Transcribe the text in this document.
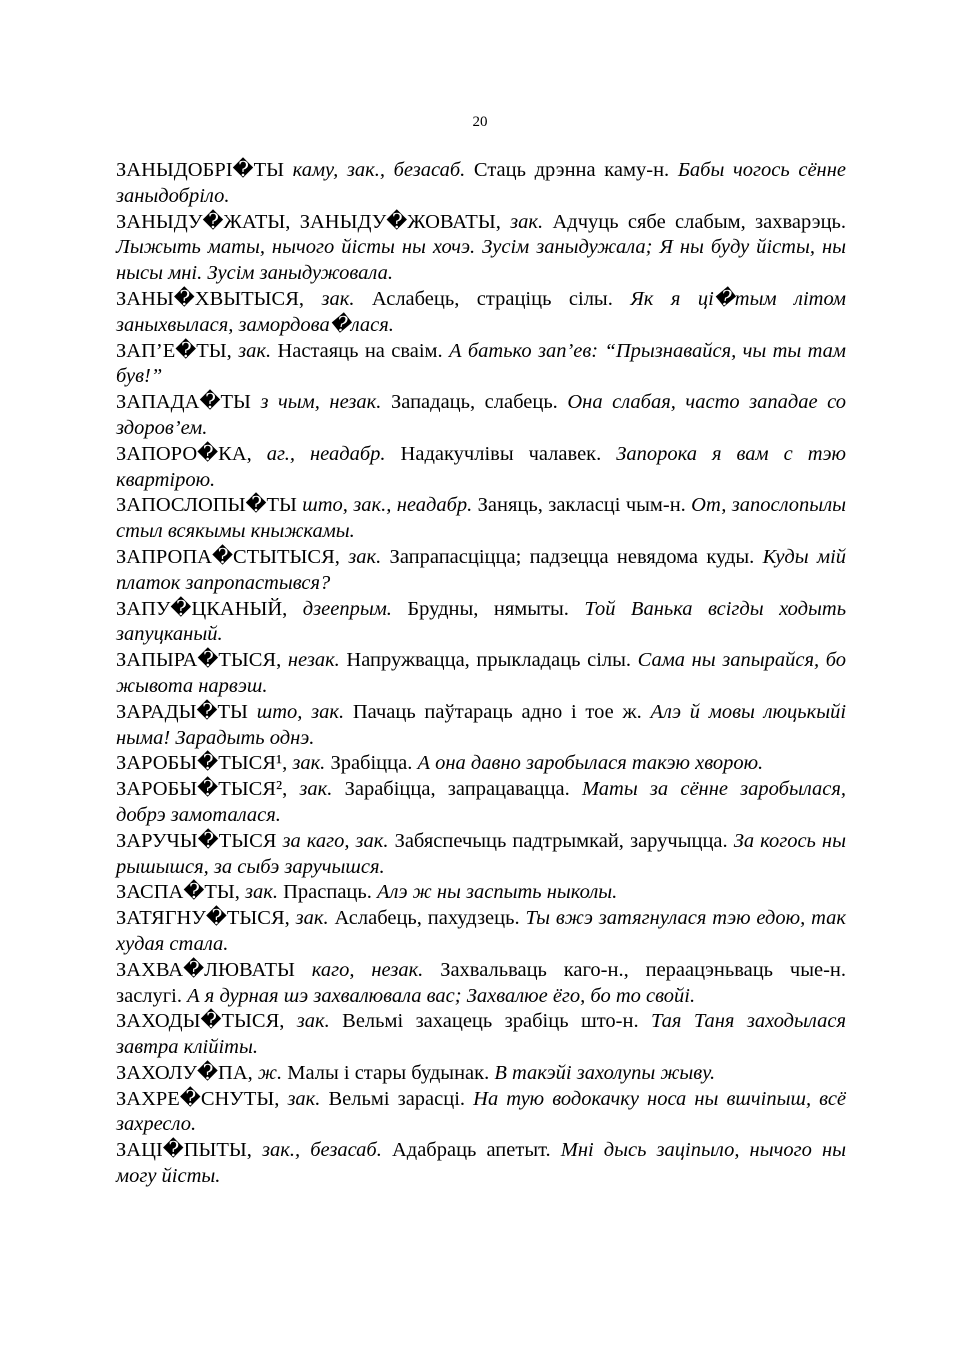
20

ЗАНЫДОБРІ�ТЫ каму, зак., безасаб. Стаць дрэнна каму-н. Бабы чогось сённе заныдобріло.

ЗАНЫДУ�ЖАТЫ, ЗАНЫДУ�ЖОВАТЫ, зак. Адчуць сябе слабым, захварэць. Лыжыть маты, нычого йісты ны хочэ. Зусім заныдужала; Я ны буду йісты, ны нысы мні. Зусім заныдужовала.

ЗАНЫ�ХВЫТЫСЯ, зак. Аслабець, страціць сілы. Як я ці�тым літом заныхвылася, замордова�лася.

ЗАП’Е�ТЫ, зак. Настаяць на сваім. А батько зап’ев: “Прызнавайся, чы ты там був!”

ЗАПАДА�ТЫ з чым, незак. Западаць, слабець. Она слабая, часто западае со здоров’ем.

ЗАПОРО�КА, аг., неадабр. Надакучлівы чалавек. Запорока я вам с тэю квартірою.

ЗАПОСЛОПЫ�ТЫ што, зак., неадабр. Заняць, закласці чым-н. От, запослопылы стыл всякымы кныжкамы.

ЗАПРОПА�СТЫТЫСЯ, зак. Запрапасціцца; падзецца невядома куды. Куды мій платок запропастывся?

ЗАПУ�ЦКАНЫЙ, дзеепрым. Брудны, нямыты. Той Ванька всігды ходыть запуцканый.

ЗАПЫРА�ТЫСЯ, незак. Напружвацца, прыкладаць сілы. Сама ны запырайся, бо жывота нарвэш.

ЗАРАДЫ�ТЫ што, зак. Пачаць паўтараць адно і тое ж. Алэ й мовы люцькыйі ныма! Зарадыть однэ.

ЗАРОБЫ�ТЫСЯ¹, зак. Зрабіцца. А она давно заробылася такэю хворою.

ЗАРОБЫ�ТЫСЯ², зак. Зарабіцца, запрацавацца. Маты за сённе заробылася, добрэ замоталася.

ЗАРУЧЫ�ТЫСЯ за каго, зак. Забяспечыць падтрымкай, заручыцца. За когось ны рышышся, за сыбэ заручышся.

ЗАСПА�ТЫ, зак. Праспаць. Алэ ж ны заспыть ныколы.

ЗАТЯГНУ�ТЫСЯ, зак. Аслабець, пахудзець. Ты вжэ затягнулася тэю едою, так худая стала.

ЗАХВА�ЛЮВАТЫ каго, незак. Захвальваць каго-н., пераацэньваць чые-н. заслугі. А я дурная шэ захвалювала вас; Захвалюе ёго, бо то свойі.

ЗАХОДЫ�ТЫСЯ, зак. Вельмі захацець зрабіць што-н. Тая Таня заходылася завтра клійіты.

ЗАХОЛУ�ПА, ж. Малы і стары будынак. В такэйі захолупы жыву.

ЗАХРЕ�СНУТЫ, зак. Вельмі зарасці. На тую водокачку носа ны вшчіпыш, всё захресло.

ЗАЦІ�ПЫТЫ, зак., безасаб. Адабраць апетыт. Мні дысь заціпыло, нычого ны могу йісты.
